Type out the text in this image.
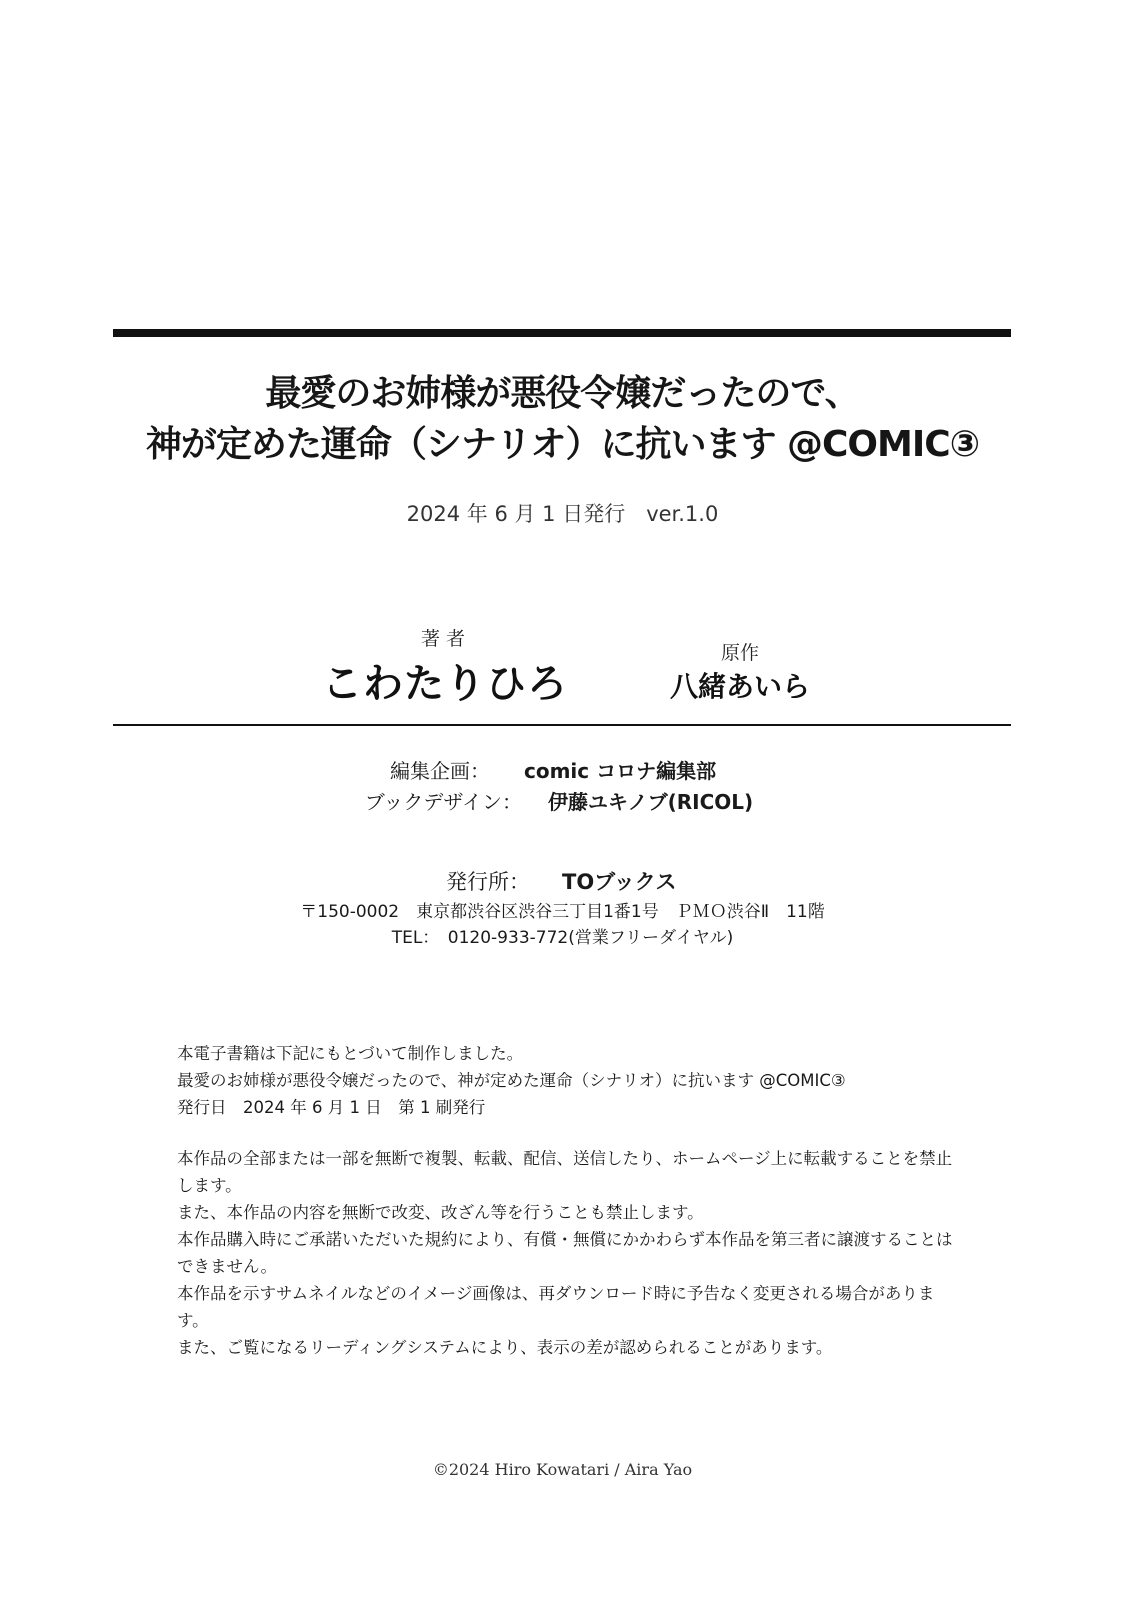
最愛のお姉様が悪役令嬢だったので、
神が定めた運命（シナリオ）に抗います @COMIC③
2024 年 6 月 1 日発行　ver.1.0
著 者
こわたりひろ
原作
八緒あいら
編集企画： comic コロナ編集部
ブックデザイン： 伊藤ユキノブ(RICOL)
発行所： TOブックス
〒150-0002　東京都渋谷区渋谷三丁目1番1号　ＰＭＯ渋谷Ⅱ　11階
TEL：　0120-933-772(営業フリーダイヤル)

本電子書籍は下記にもとづいて制作しました。

最愛のお姉様が悪役令嬢だったので、神が定めた運命（シナリオ）に抗います @COMIC③

発行日　2024 年 6 月 1 日　第 1 刷発行

本作品の全部または一部を無断で複製、転載、配信、送信したり、ホームページ上に転載することを禁止します。

また、本作品の内容を無断で改変、改ざん等を行うことも禁止します。

本作品購入時にご承諾いただいた規約により、有償・無償にかかわらず本作品を第三者に譲渡することはできません。

本作品を示すサムネイルなどのイメージ画像は、再ダウンロード時に予告なく変更される場合があります。

また、ご覧になるリーディングシステムにより、表示の差が認められることがあります。

©2024 Hiro Kowatari / Aira Yao
